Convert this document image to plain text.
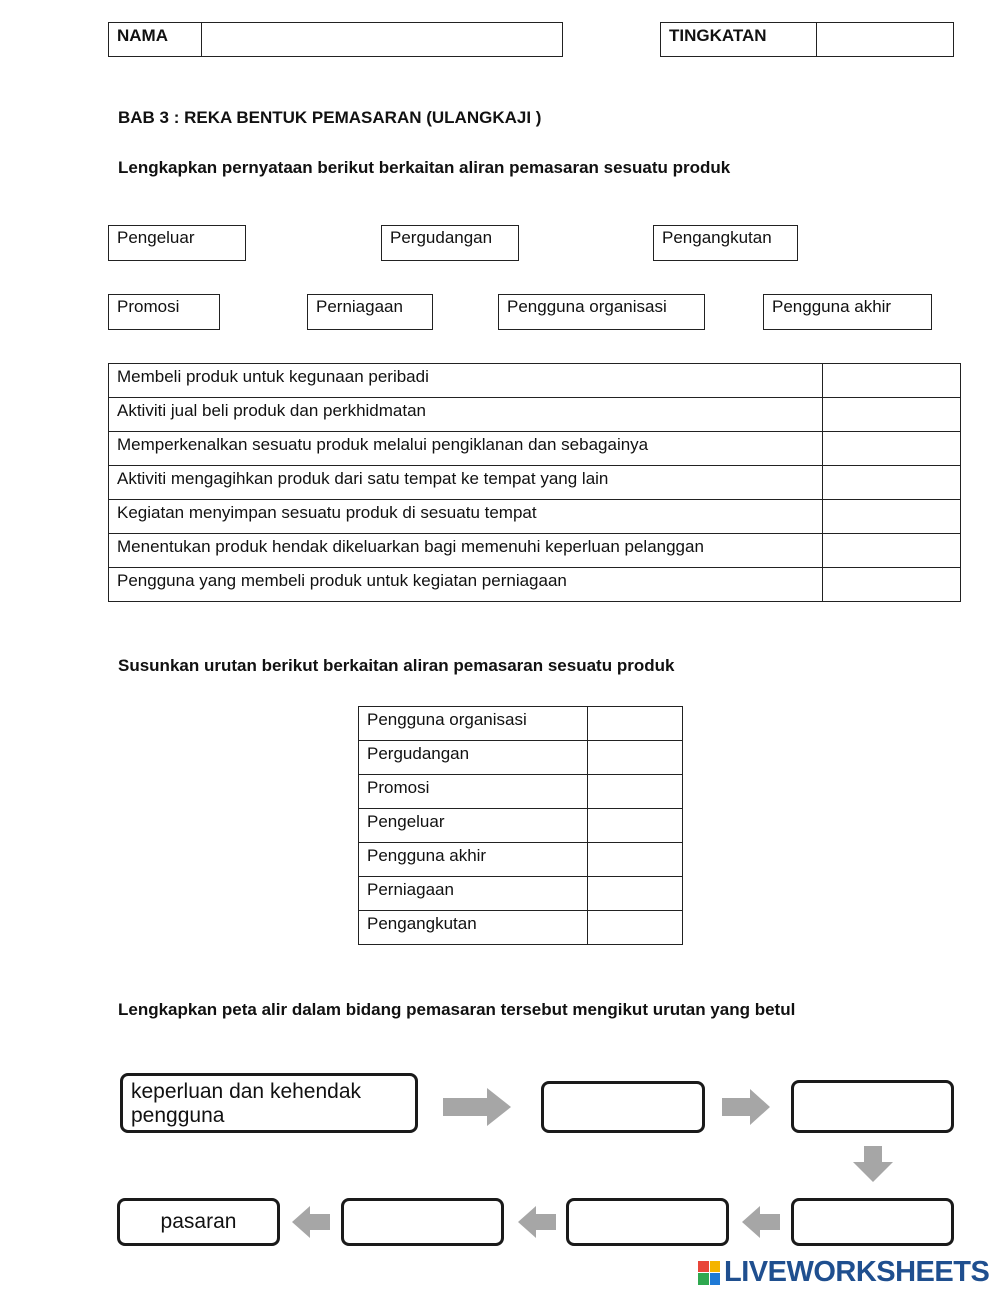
NAMA	TINGKATAN
BAB 3 : REKA BENTUK PEMASARAN (ULANGKAJI )
Lengkapkan pernyataan berikut berkaitan aliran pemasaran sesuatu produk
Pengeluar	Pergudangan	Pengangkutan
Promosi	Perniagaan	Pengguna organisasi	Pengguna akhir
Membeli produk untuk kegunaan peribadi	
Aktiviti jual beli produk dan perkhidmatan	
Memperkenalkan sesuatu produk melalui pengiklanan dan sebagainya	
Aktiviti mengagihkan produk dari satu tempat ke tempat yang lain	
Kegiatan menyimpan sesuatu produk di sesuatu tempat	
Menentukan produk hendak dikeluarkan bagi memenuhi keperluan pelanggan	
Pengguna yang membeli produk untuk kegiatan perniagaan	
Susunkan urutan berikut berkaitan aliran pemasaran sesuatu produk
Pengguna organisasi	
Pergudangan	
Promosi	
Pengeluar	
Pengguna akhir	
Perniagaan	
Pengangkutan	
Lengkapkan peta alir dalam bidang pemasaran tersebut mengikut urutan yang betul
keperluan dan kehendak
pengguna
pasaran
LIVEWORKSHEETS
